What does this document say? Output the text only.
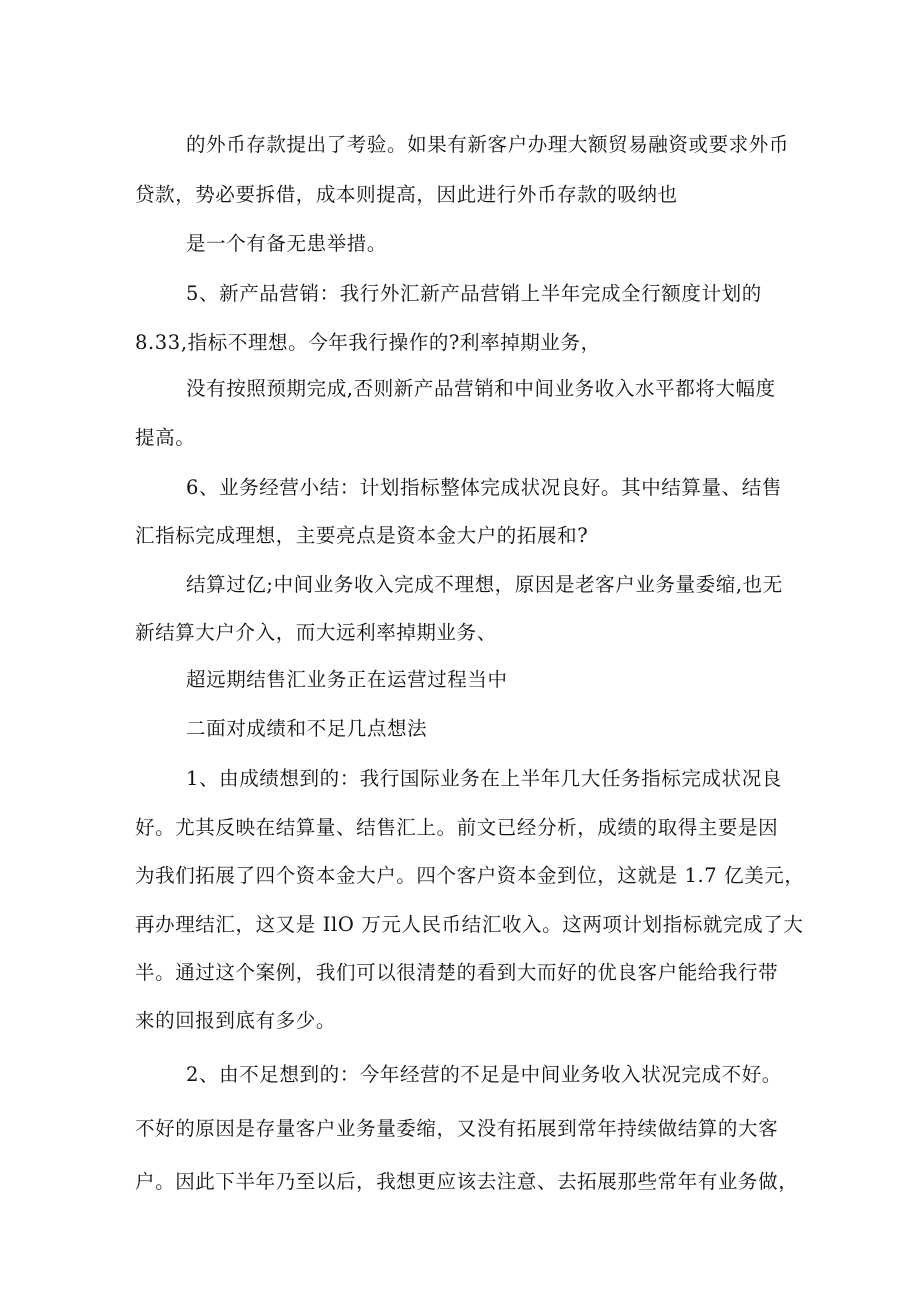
的外币存款提出了考验。如果有新客户办理大额贸易融资或要求外币
贷款，势必要拆借，成本则提高，因此进行外币存款的吸纳也
是一个有备无患举措。
5、新产品营销：我行外汇新产品营销上半年完成全行额度计划的
8.33,指标不理想。今年我行操作的?利率掉期业务，
没有按照预期完成,否则新产品营销和中间业务收入水平都将大幅度
提高。
6、业务经营小结：计划指标整体完成状况良好。其中结算量、结售
汇指标完成理想，主要亮点是资本金大户的拓展和?
结算过亿;中间业务收入完成不理想，原因是老客户业务量委缩,也无
新结算大户介入，而大远利率掉期业务、
超远期结售汇业务正在运营过程当中
二面对成绩和不足几点想法
1、由成绩想到的：我行国际业务在上半年几大任务指标完成状况良
好。尤其反映在结算量、结售汇上。前文已经分析，成绩的取得主要是因
为我们拓展了四个资本金大户。四个客户资本金到位，这就是 1.7 亿美元，
再办理结汇，这又是 IlO 万元人民币结汇收入。这两项计划指标就完成了大
半。通过这个案例，我们可以很清楚的看到大而好的优良客户能给我行带
来的回报到底有多少。
2、由不足想到的：今年经营的不足是中间业务收入状况完成不好。
不好的原因是存量客户业务量委缩，又没有拓展到常年持续做结算的大客
户。因此下半年乃至以后，我想更应该去注意、去拓展那些常年有业务做，
